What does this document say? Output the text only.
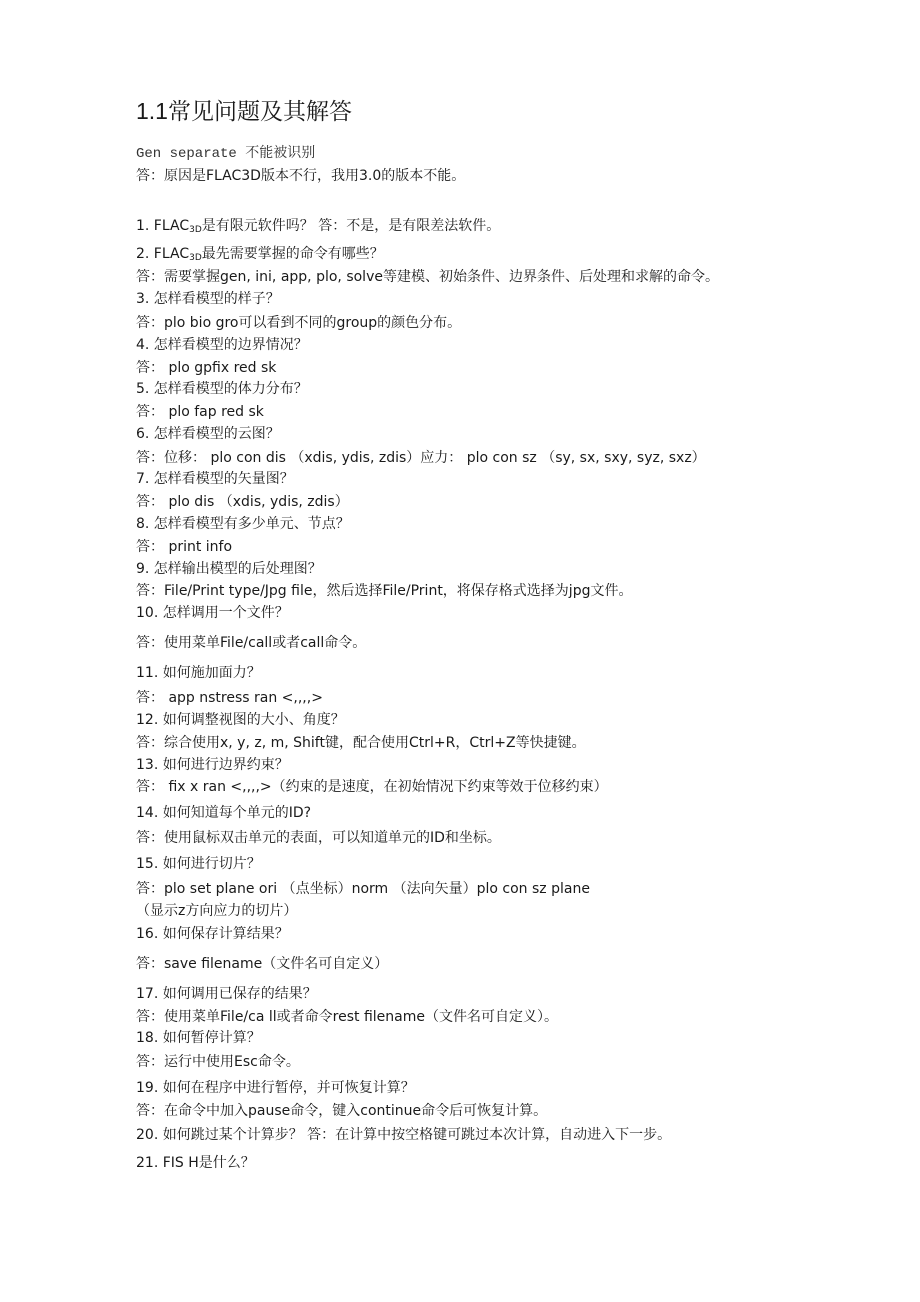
1.1常见问题及其解答
Gen separate 不能被识别
答：原因是FLAC3D版本不行，我用3.0的版本不能。
1. $FLAC_{3D}$是有限元软件吗？ 答：不是，是有限差法软件。
2. $FLAC_{3D}$最先需要掌握的命令有哪些？
答：需要掌握gen, ini, app, plo, solve等建模、初始条件、边界条件、后处理和求解的命令。
3. 怎样看模型的样子？
答：plo bio gro可以看到不同的group的颜色分布。
4. 怎样看模型的边界情况？
答： plo gpfix red sk
5. 怎样看模型的体力分布？
答： plo fap red sk
6. 怎样看模型的云图？
答：位移： plo con dis （xdis, ydis, zdis）应力： plo con sz （sy, sx, sxy, syz, sxz）
7. 怎样看模型的矢量图？
答： plo dis （xdis, ydis, zdis）
8. 怎样看模型有多少单元、节点？
答： print info
9. 怎样输出模型的后处理图？
答：File/Print type/Jpg file，然后选择File/Print，将保存格式选择为jpg文件。
10. 怎样调用一个文件？
答：使用菜单File/call或者call命令。
11. 如何施加面力？
答： app nstress ran <,,,,>
12. 如何调整视图的大小、角度？
答：综合使用x, y, z, m, Shift键，配合使用Ctrl+R，Ctrl+Z等快捷键。
13. 如何进行边界约束？
答： fix x ran <,,,,>（约束的是速度，在初始情况下约束等效于位移约束）
14. 如何知道每个单元的ID?
答：使用鼠标双击单元的表面，可以知道单元的ID和坐标。
15. 如何进行切片？
答：plo set plane ori （点坐标）norm （法向矢量）plo con sz plane
（显示z方向应力的切片）
16. 如何保存计算结果？
答：save filename（文件名可自定义）
17. 如何调用已保存的结果？
答：使用菜单File/ca ll或者命令rest filename（文件名可自定义）。
18. 如何暂停计算？
答：运行中使用Esc命令。
19. 如何在程序中进行暂停，并可恢复计算？
答：在命令中加入pause命令，键入continue命令后可恢复计算。
20. 如何跳过某个计算步？ 答：在计算中按空格键可跳过本次计算，自动进入下一步。
21. FIS H是什么？
